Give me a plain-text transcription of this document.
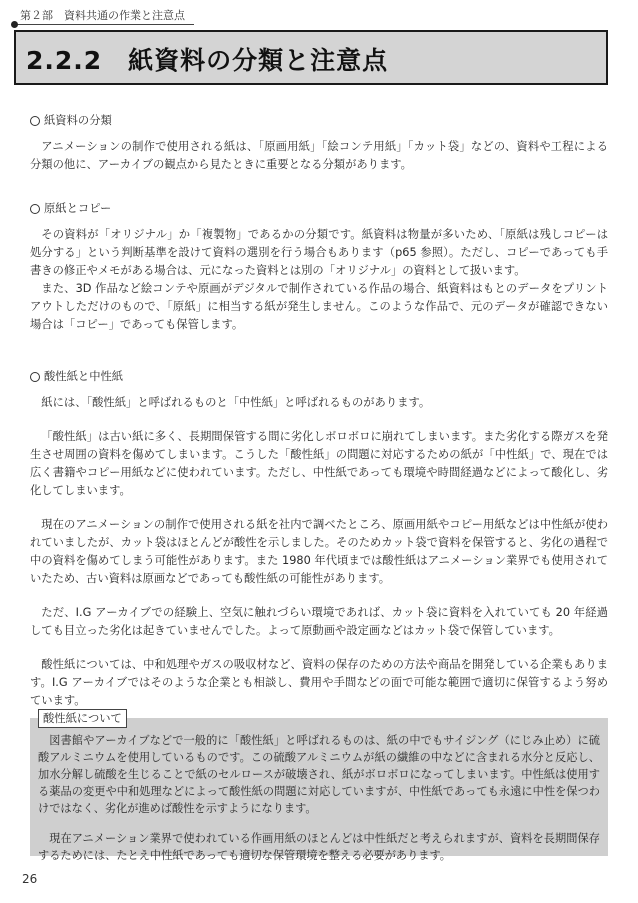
第２部　資料共通の作業と注意点
2.2.2　紙資料の分類と注意点
紙資料の分類

アニメーションの制作で使用される紙は、「原画用紙」「絵コンテ用紙」「カット袋」などの、資料や工程による分類の他に、アーカイブの観点から見たときに重要となる分類があります。

原紙とコピー

その資料が「オリジナル」か「複製物」であるかの分類です。紙資料は物量が多いため、「原紙は残しコピーは処分する」という判断基準を設けて資料の選別を行う場合もあります（p65 参照）。ただし、コピーであっても手書きの修正やメモがある場合は、元になった資料とは別の「オリジナル」の資料として扱います。

また、3D 作品など絵コンテや原画がデジタルで制作されている作品の場合、紙資料はもとのデータをプリントアウトしただけのもので、「原紙」に相当する紙が発生しません。このような作品で、元のデータが確認できない場合は「コピー」であっても保管します。

酸性紙と中性紙

紙には、「酸性紙」と呼ばれるものと「中性紙」と呼ばれるものがあります。

「酸性紙」は古い紙に多く、長期間保管する間に劣化しボロボロに崩れてしまいます。また劣化する際ガスを発生させ周囲の資料を傷めてしまいます。こうした「酸性紙」の問題に対応するための紙が「中性紙」で、現在では広く書籍やコピー用紙などに使われています。ただし、中性紙であっても環境や時間経過などによって酸化し、劣化してしまいます。

現在のアニメーションの制作で使用される紙を社内で調べたところ、原画用紙やコピー用紙などは中性紙が使われていましたが、カット袋はほとんどが酸性を示しました。そのためカット袋で資料を保管すると、劣化の過程で中の資料を傷めてしまう可能性があります。また 1980 年代頃までは酸性紙はアニメーション業界でも使用されていたため、古い資料は原画などであっても酸性紙の可能性があります。

ただ、I.G アーカイブでの経験上、空気に触れづらい環境であれば、カット袋に資料を入れていても 20 年経過しても目立った劣化は起きていませんでした。よって原動画や設定画などはカット袋で保管しています。

酸性紙については、中和処理やガスの吸収材など、資料の保存のための方法や商品を開発している企業もあります。I.G アーカイブではそのような企業とも相談し、費用や手間などの面で可能な範囲で適切に保管するよう努めています。

図書館やアーカイブなどで一般的に「酸性紙」と呼ばれるものは、紙の中でもサイジング（にじみ止め）に硫酸アルミニウムを使用しているものです。この硫酸アルミニウムが紙の繊維の中などに含まれる水分と反応し、加水分解し硫酸を生じることで紙のセルロースが破壊され、紙がボロボロになってしまいます。中性紙は使用する薬品の変更や中和処理などによって酸性紙の問題に対応していますが、中性紙であっても永遠に中性を保つわけではなく、劣化が進めば酸性を示すようになります。

現在アニメーション業界で使われている作画用紙のほとんどは中性紙だと考えられますが、資料を長期間保存するためには、たとえ中性紙であっても適切な保管環境を整える必要があります。

酸性紙について
26
